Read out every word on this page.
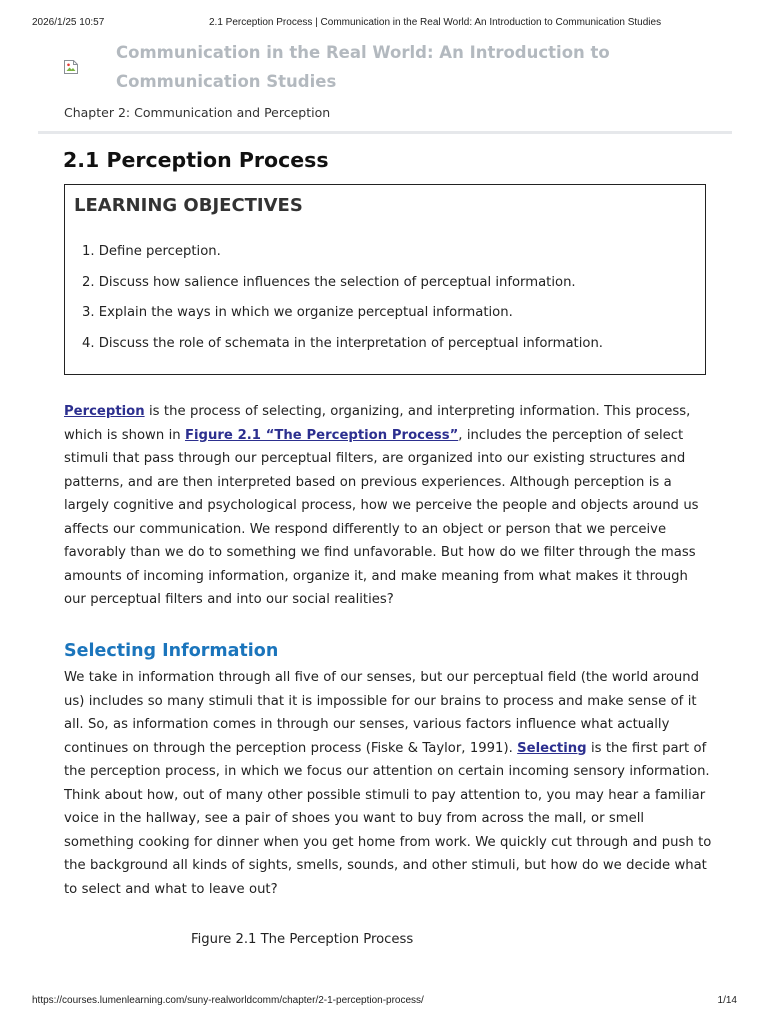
2026/1/25 10:57	2.1 Perception Process | Communication in the Real World: An Introduction to Communication Studies
Communication in the Real World: An Introduction to Communication Studies
Chapter 2: Communication and Perception
2.1 Perception Process
LEARNING OBJECTIVES
1. Define perception.
2. Discuss how salience influences the selection of perceptual information.
3. Explain the ways in which we organize perceptual information.
4. Discuss the role of schemata in the interpretation of perceptual information.

Perception is the process of selecting, organizing, and interpreting information. This process, which is shown in Figure 2.1 “The Perception Process”, includes the perception of select stimuli that pass through our perceptual filters, are organized into our existing structures and patterns, and are then interpreted based on previous experiences. Although perception is a largely cognitive and psychological process, how we perceive the people and objects around us affects our communication. We respond differently to an object or person that we perceive favorably than we do to something we find unfavorable. But how do we filter through the mass amounts of incoming information, organize it, and make meaning from what makes it through our perceptual filters and into our social realities?

Selecting Information

We take in information through all five of our senses, but our perceptual field (the world around us) includes so many stimuli that it is impossible for our brains to process and make sense of it all. So, as information comes in through our senses, various factors influence what actually continues on through the perception process (Fiske & Taylor, 1991). Selecting is the first part of the perception process, in which we focus our attention on certain incoming sensory information. Think about how, out of many other possible stimuli to pay attention to, you may hear a familiar voice in the hallway, see a pair of shoes you want to buy from across the mall, or smell something cooking for dinner when you get home from work. We quickly cut through and push to the background all kinds of sights, smells, sounds, and other stimuli, but how do we decide what to select and what to leave out?

Figure 2.1 The Perception Process
https://courses.lumenlearning.com/suny-realworldcomm/chapter/2-1-perception-process/	1/14
